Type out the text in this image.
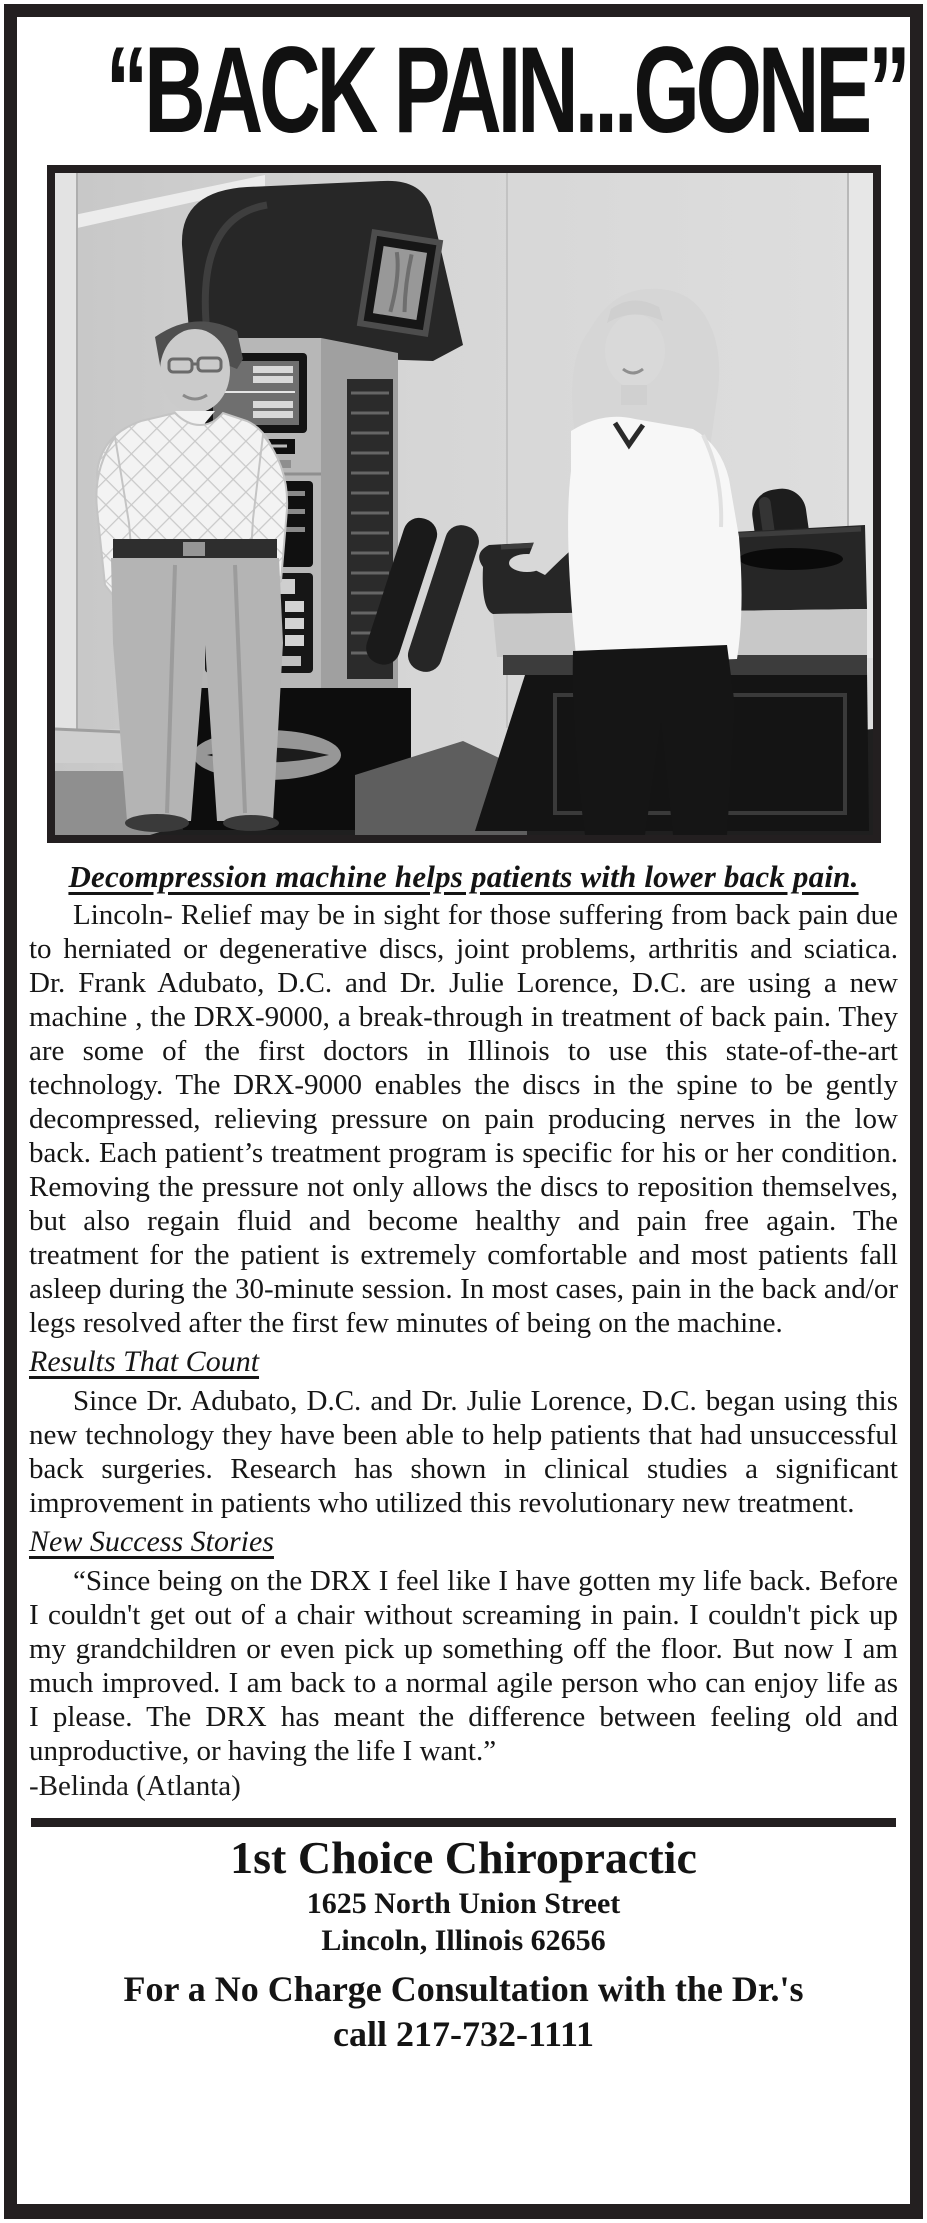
“BACK PAIN...GONE”
Decompression machine helps patients with lower back pain.

Lincoln- Relief may be in sight for those suffering from back pain due to herniated or degenerative discs, joint problems, arthritis and sciatica. Dr. Frank Adubato, D.C. and Dr. Julie Lorence, D.C. are using a new machine , the DRX-9000, a break-through in treatment of back pain. They are some of the first doctors in Illinois to use this state-of-the-art technology. The DRX-9000 enables the discs in the spine to be gently decompressed, relieving pressure on pain producing nerves in the low back. Each patient’s treatment program is specific for his or her condition. Removing the pressure not only allows the discs to reposition themselves, but also regain fluid and become healthy and pain free again. The treatment for the patient is extremely comfortable and most patients fall asleep during the 30-minute session. In most cases, pain in the back and/or legs resolved after the first few minutes of being on the machine.

Results That Count

Since Dr. Adubato, D.C. and Dr. Julie Lorence, D.C. began using this new technology they have been able to help patients that had unsuccessful back surgeries. Research has shown in clinical studies a significant improvement in patients who utilized this revolutionary new treatment.

New Success Stories

“Since being on the DRX I feel like I have gotten my life back. Before I couldn't get out of a chair without screaming in pain. I couldn't pick up my grandchildren or even pick up something off the floor. But now I am much improved. I am back to a normal agile person who can enjoy life as I please. The DRX has meant the difference between feeling old and unproductive, or having the life I want.”

-Belinda (Atlanta)
1st Choice Chiropractic
1625 North Union Street
Lincoln, Illinois 62656
For a No Charge Consultation with the Dr.'s
call 217-732-1111
